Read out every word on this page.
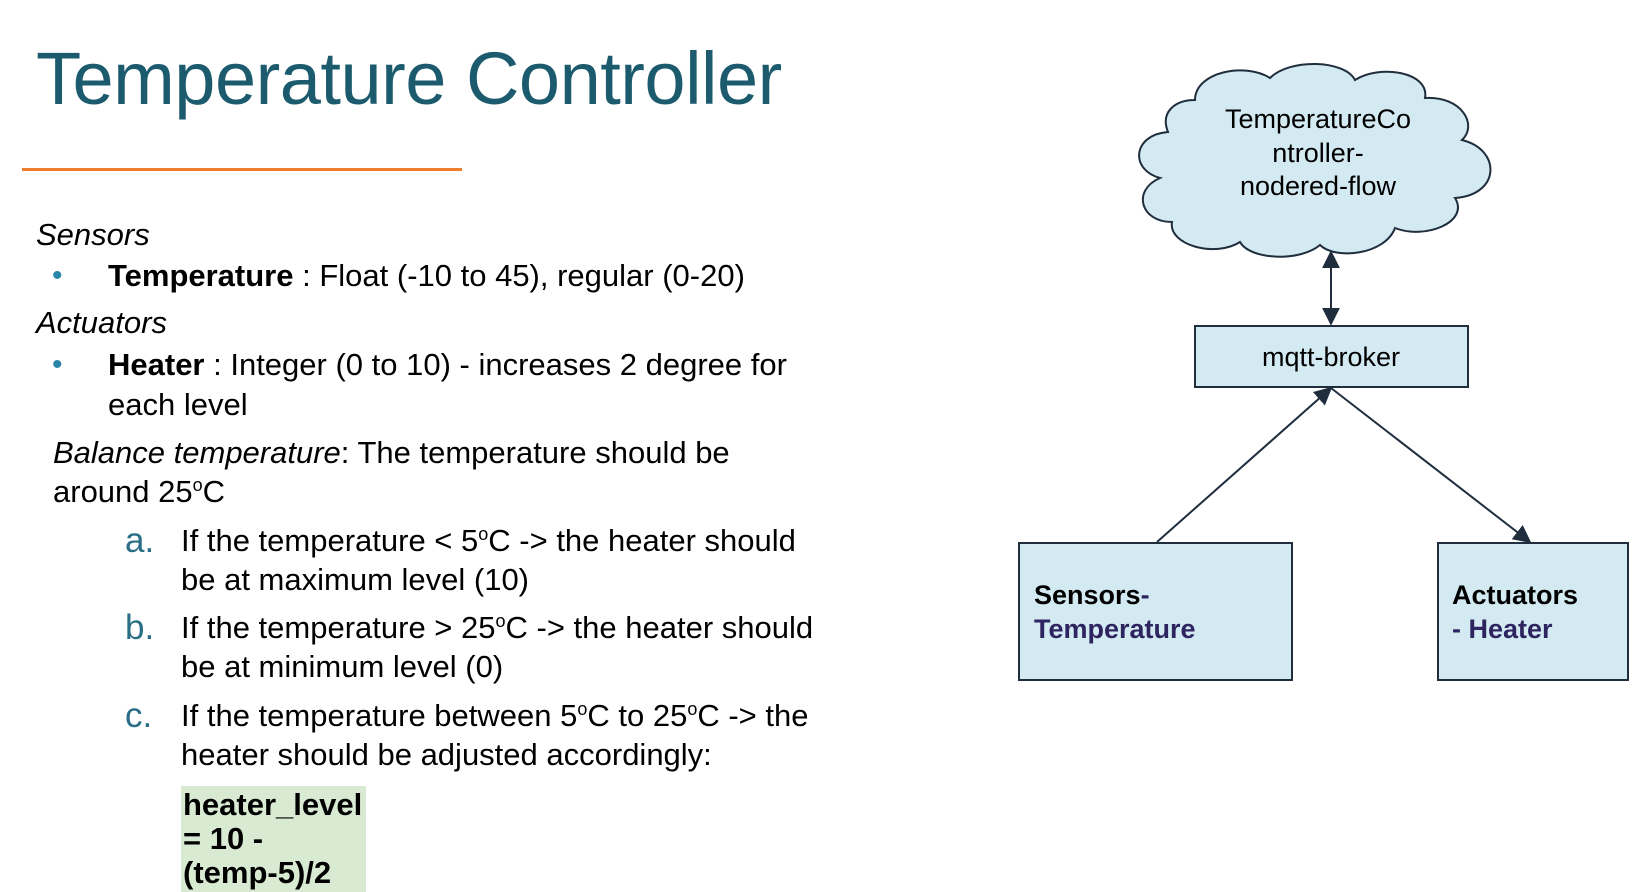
Temperature Controller
Sensors
•	Temperature : Float (-10 to 45), regular (0-20)
Actuators
•	Heater : Integer (0 to 10) - increases 2 degree for
each level
Balance temperature: The temperature should be
around 25$^o$C
a. If the temperature < $5^oC$ -> the heater should
be at maximum level (10)
b. If the temperature > $25^oC$ -> the heater should
be at minimum level (0)
c. If the temperature between 5$^o$C to 25$^o$C -> the
heater should be adjusted accordingly:
heater_level = 10 - (temp-5)/2
TemperatureCo
ntroller-
nodered-flow
mqtt-broker
Sensors-
Temperature
Actuators
- Heater
